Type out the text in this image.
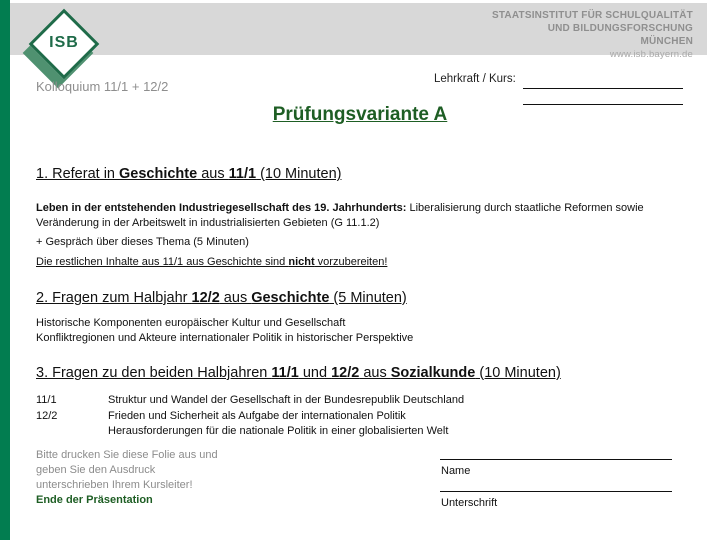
STAATSINSTITUT FÜR SCHULQUALITÄT
UND BILDUNGSFORSCHUNG
MÜNCHEN
www.isb.bayern.de
ISB
Kolloquium 11/1 + 12/2	Lehrkraft / Kurs:
Prüfungsvariante A
1. Referat in Geschichte aus 11/1 (10 Minuten)
Leben in der entstehenden Industriegesellschaft des 19. Jahrhunderts: Liberalisierung durch staatliche Reformen sowie Veränderung in der Arbeitswelt in industrialisierten Gebieten (G 11.1.2)
+ Gespräch über dieses Thema (5 Minuten)
Die restlichen Inhalte aus 11/1 aus Geschichte sind nicht vorzubereiten!
2. Fragen zum Halbjahr 12/2 aus Geschichte (5 Minuten)
Historische Komponenten europäischer Kultur und Gesellschaft
Konfliktregionen und Akteure internationaler Politik in historischer Perspektive
3. Fragen zu den beiden Halbjahren 11/1 und 12/2 aus Sozialkunde (10 Minuten)
11/1	Struktur und Wandel der Gesellschaft in der Bundesrepublik Deutschland
12/2	Frieden und Sicherheit als Aufgabe der internationalen Politik
Herausforderungen für die nationale Politik in einer globalisierten Welt
Bitte drucken Sie diese Folie aus und
geben Sie den Ausdruck
unterschrieben Ihrem Kursleiter!
Ende der Präsentation
Name
Unterschrift
